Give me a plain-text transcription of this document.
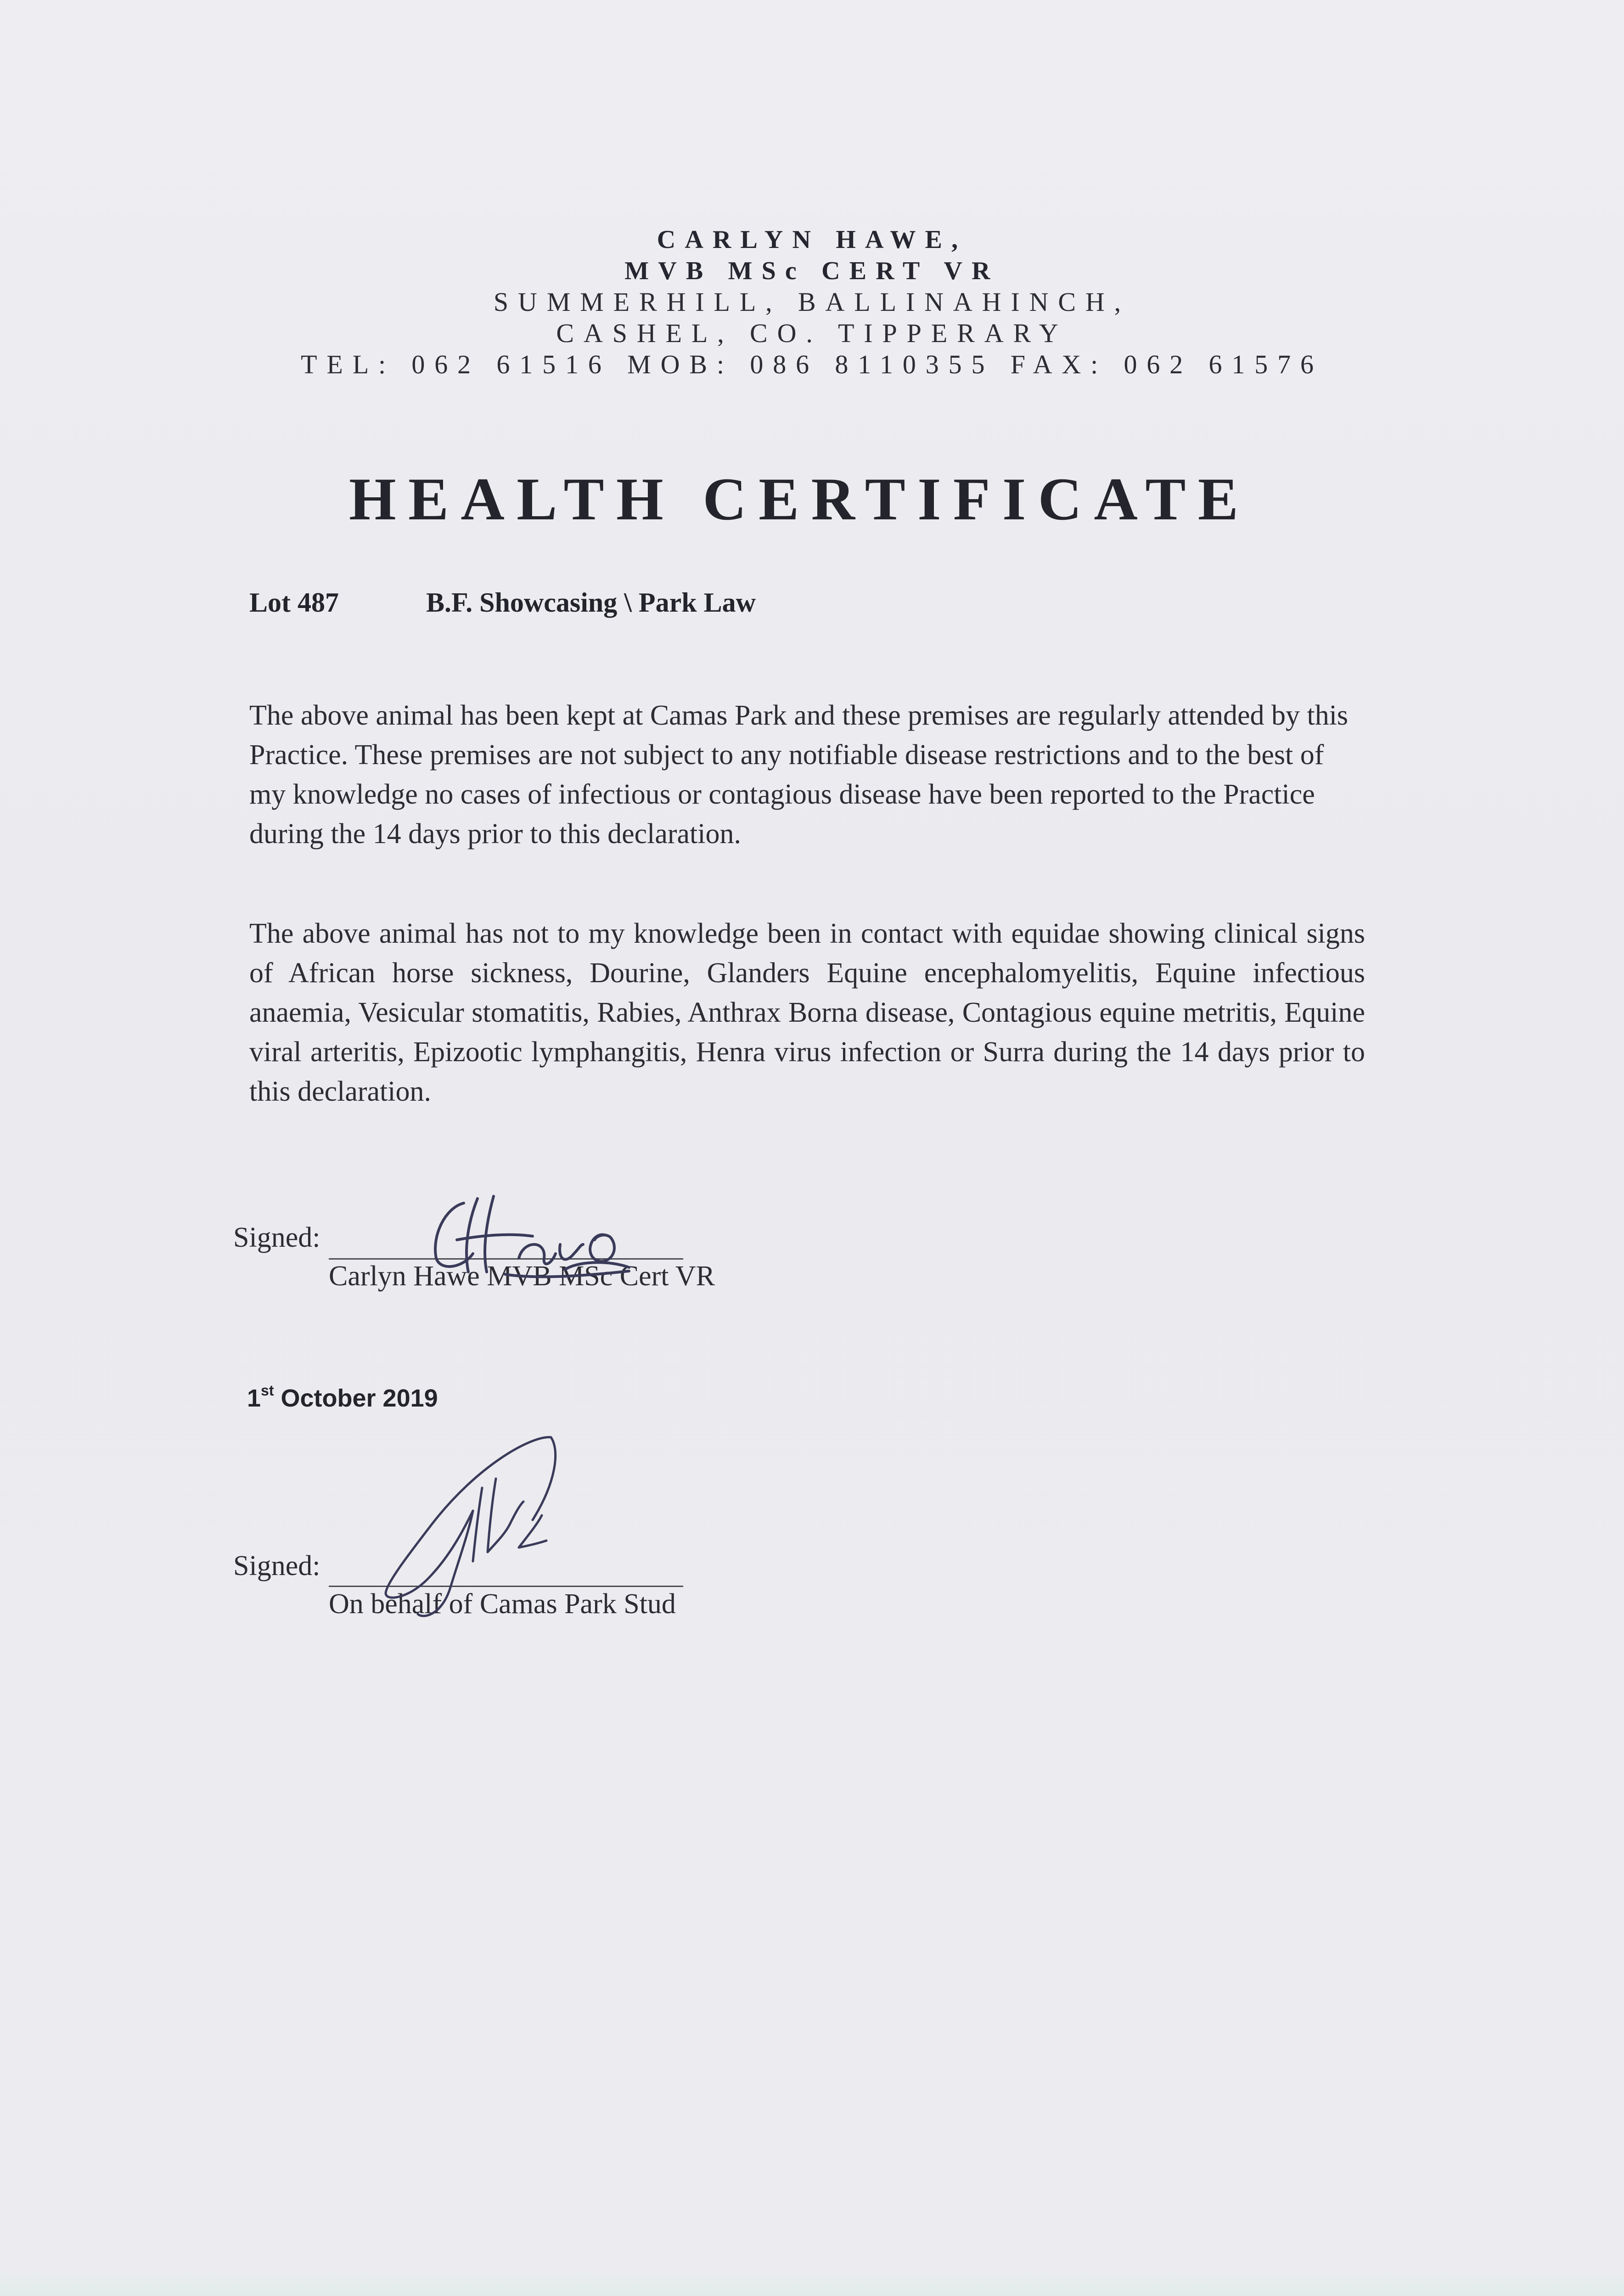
CARLYN HAWE,
MVB MSc CERT VR
SUMMERHILL, BALLINAHINCH,
CASHEL, CO. TIPPERARY
TEL: 062 61516 MOB: 086 8110355 FAX: 062 61576
HEALTH CERTIFICATE
Lot 487	B.F. Showcasing \ Park Law
The above animal has been kept at Camas Park and these premises are regularly attended by this Practice. These premises are not subject to any notifiable disease restrictions and to the best of my knowledge no cases of infectious or contagious disease have been reported to the Practice during the 14 days prior to this declaration.
The above animal has not to my knowledge been in contact with equidae showing clinical signs of African horse sickness, Dourine, Glanders Equine encephalomyelitis, Equine infectious anaemia, Vesicular stomatitis, Rabies, Anthrax Borna disease, Contagious equine metritis, Equine viral arteritis, Epizootic lymphangitis, Henra virus infection or Surra during the 14 days prior to this declaration.
Signed:
Carlyn Hawe MVB MSc Cert VR
1st October 2019
Signed:
On behalf of Camas Park Stud
